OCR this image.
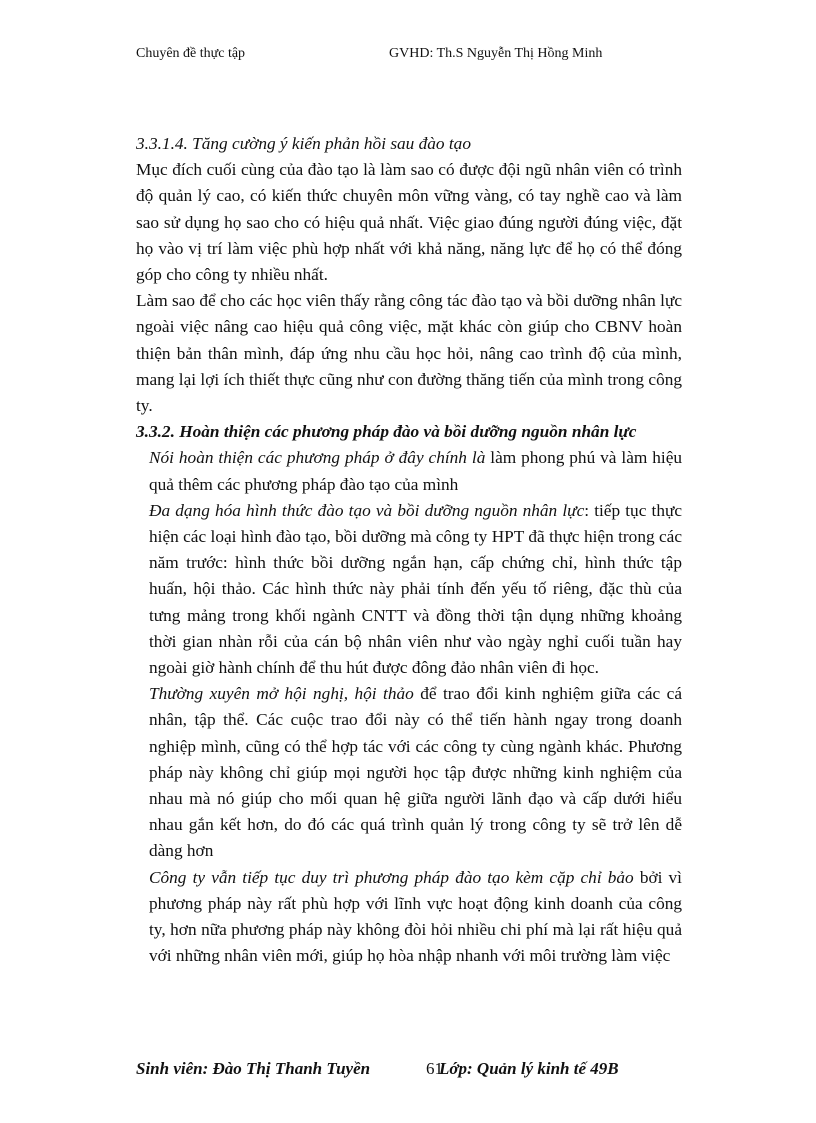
Chuyên đề thực tập	GVHD: Th.S Nguyễn Thị Hồng Minh

3.3.1.4. Tăng cường ý kiến phản hồi sau đào tạo

Mục đích cuối cùng của đào tạo là làm sao có được đội ngũ nhân viên có trình độ quản lý cao, có kiến thức chuyên môn vững vàng, có tay nghề cao và làm sao sử dụng họ sao cho có hiệu quả nhất. Việc giao đúng người đúng việc, đặt họ vào vị trí làm việc phù hợp nhất với khả năng, năng lực để họ có thể đóng góp cho công ty nhiều nhất.

Làm sao để cho các học viên thấy rằng công tác đào tạo và bồi dưỡng nhân lực ngoài việc nâng cao hiệu quả công việc, mặt khác còn giúp cho CBNV hoàn thiện bản thân mình, đáp ứng nhu cầu học hỏi, nâng cao trình độ của mình, mang lại lợi ích thiết thực cũng như con đường thăng tiến của mình trong công ty.

3.3.2. Hoàn thiện các phương pháp đào và bồi dưỡng nguồn nhân lực

Nói hoàn thiện các phương pháp ở đây chính là làm phong phú và làm hiệu quả thêm các phương pháp đào tạo của mình

Đa dạng hóa hình thức đào tạo và bồi dưỡng nguồn nhân lực: tiếp tục thực hiện các loại hình đào tạo, bồi dưỡng mà công ty HPT đã thực hiện trong các năm trước: hình thức bồi dưỡng ngắn hạn, cấp chứng chỉ, hình thức tập huấn, hội thảo. Các hình thức này phải tính đến yếu tố riêng, đặc thù của tưng mảng trong khối ngành CNTT và đồng thời tận dụng những khoảng thời gian nhàn rỗi của cán bộ nhân viên như vào ngày nghỉ cuối tuần hay ngoài giờ hành chính để thu hút được đông đảo nhân viên đi học.

Thường xuyên mở hội nghị, hội thảo để trao đổi kinh nghiệm giữa các cá nhân, tập thể. Các cuộc trao đổi này có thể tiến hành ngay trong doanh nghiệp mình, cũng có thể hợp tác với các công ty cùng ngành khác. Phương pháp này không chỉ giúp mọi người học tập được những kinh nghiệm của nhau mà nó giúp cho mối quan hệ giữa người lãnh đạo và cấp dưới hiểu nhau gắn kết hơn, do đó các quá trình quản lý trong công ty sẽ trở lên dễ dàng hơn

Công ty vẫn tiếp tục duy trì phương pháp đào tạo kèm cặp chỉ bảo bởi vì phương pháp này rất phù hợp với lĩnh vực hoạt động kinh doanh của công ty, hơn nữa phương pháp này không đòi hỏi nhiều chi phí mà lại rất hiệu quả với những nhân viên mới, giúp họ hòa nhập nhanh với môi trường làm việc

Sinh viên: Đào Thị Thanh Tuyền	61
Lớp: Quản lý kinh tế 49B
